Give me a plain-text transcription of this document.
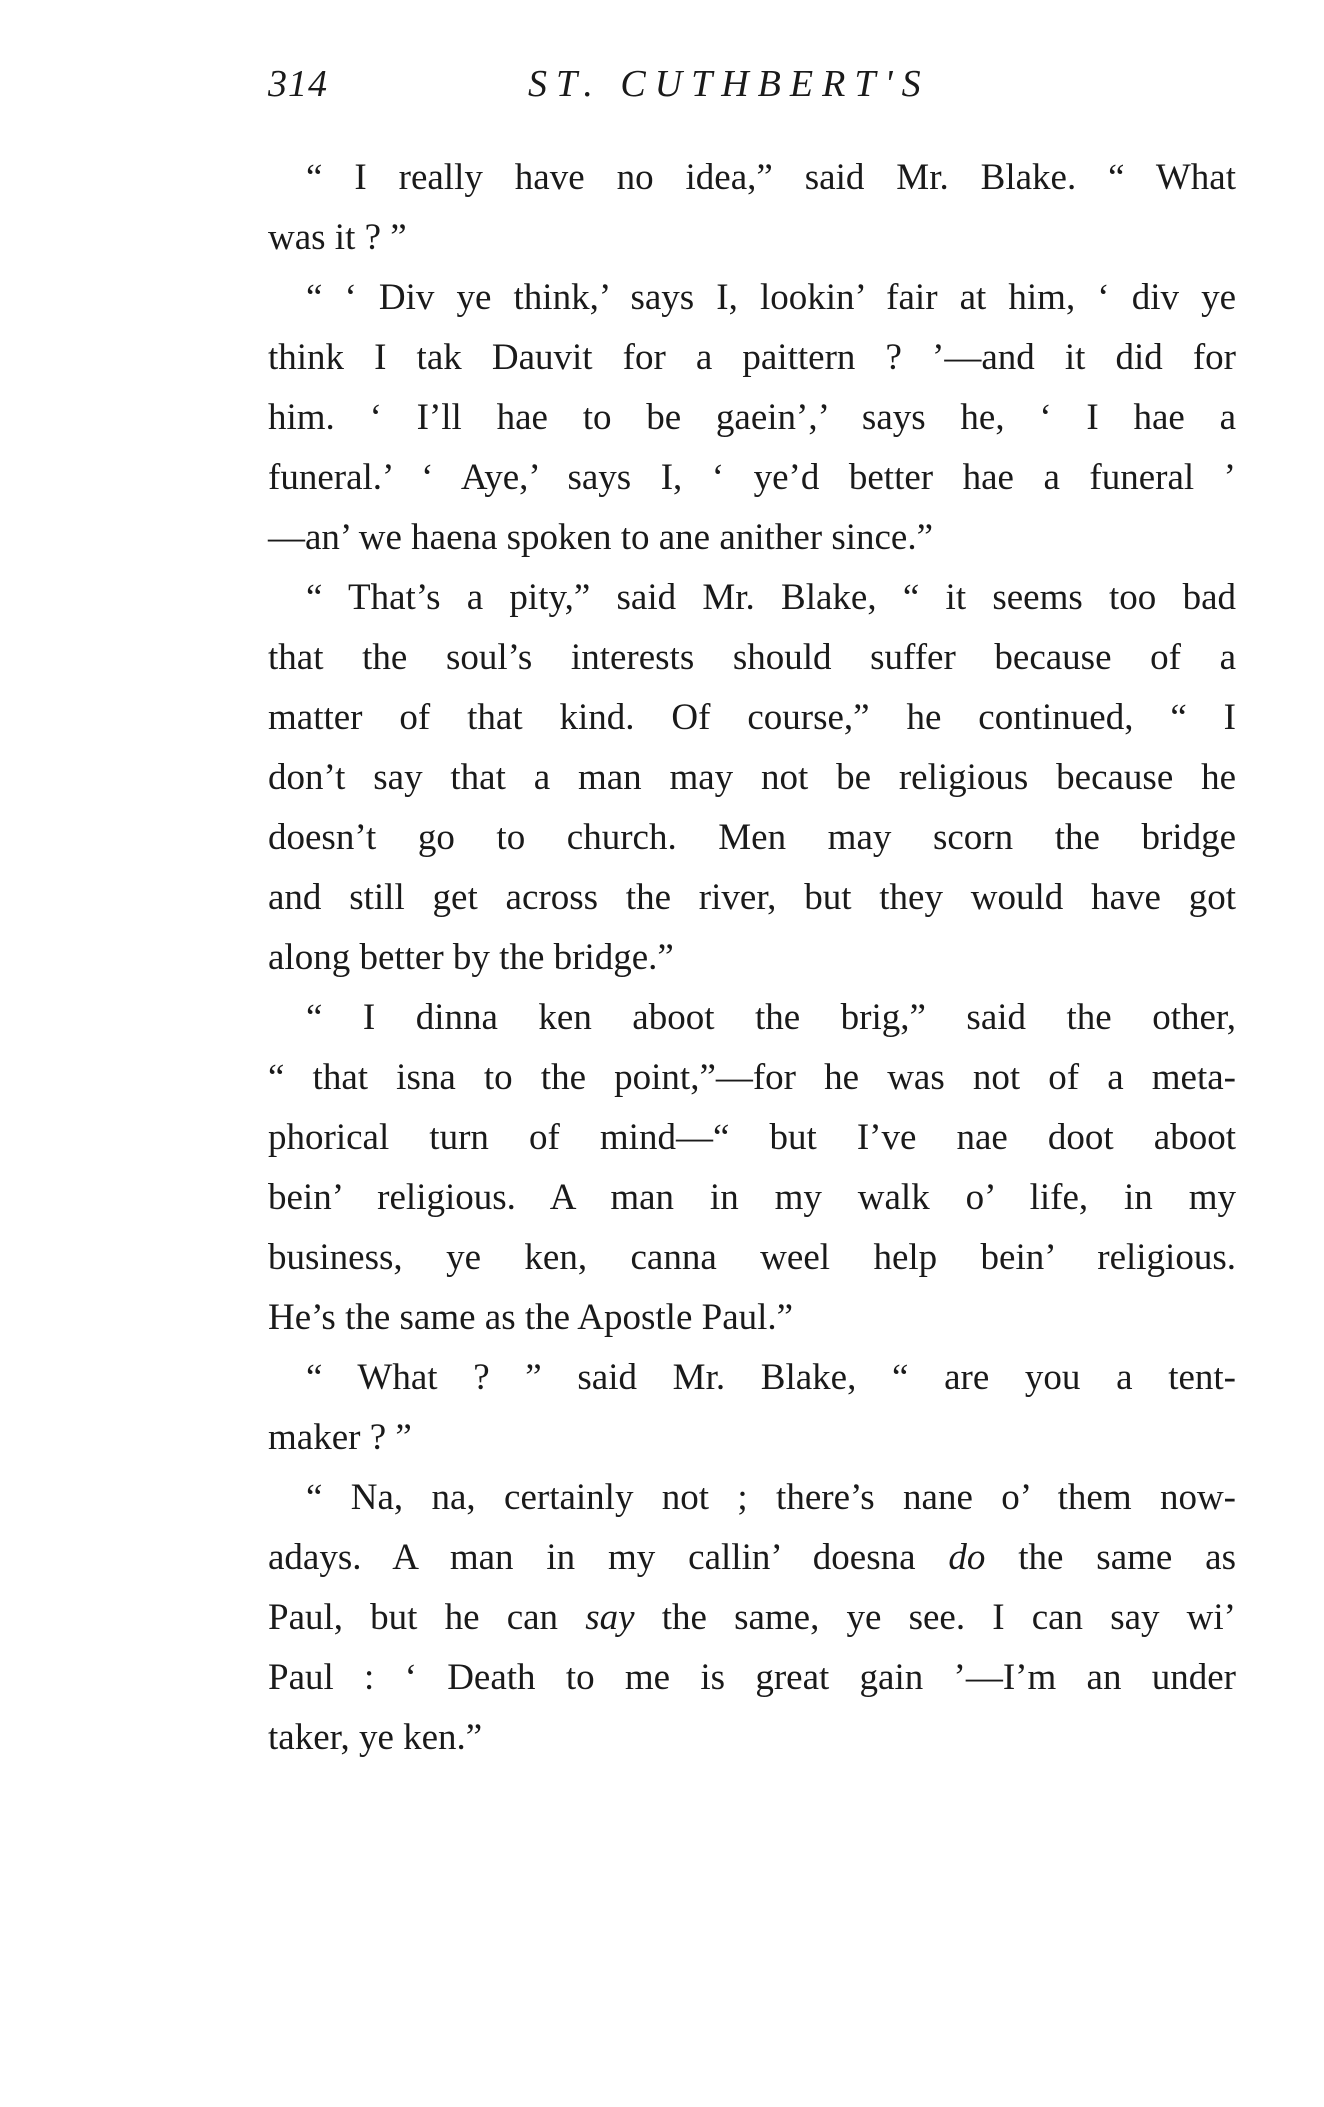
314	ST. CUTHBERT'S
“ I really have no idea,” said Mr. Blake. “ What
was it ? ”
“ ‘ Div ye think,’ says I, lookin’ fair at him, ‘ div ye
think I tak Dauvit for a paittern ? ’—and it did for
him. ‘ I’ll hae to be gaein’,’ says he, ‘ I hae a
funeral.’ ‘ Aye,’ says I, ‘ ye’d better hae a funeral ’
—an’ we haena spoken to ane anither since.”
“ That’s a pity,” said Mr. Blake, “ it seems too bad
that the soul’s interests should suffer because of a
matter of that kind. Of course,” he continued, “ I
don’t say that a man may not be religious because he
doesn’t go to church. Men may scorn the bridge
and still get across the river, but they would have got
along better by the bridge.”
“ I dinna ken aboot the brig,” said the other,
“ that isna to the point,”—for he was not of a meta-
phorical turn of mind—“ but I’ve nae doot aboot
bein’ religious. A man in my walk o’ life, in my
business, ye ken, canna weel help bein’ religious.
He’s the same as the Apostle Paul.”
“ What ? ” said Mr. Blake, “ are you a tent-
maker ? ”
“ Na, na, certainly not ; there’s nane o’ them now-
adays. A man in my callin’ doesna do the same as
Paul, but he can say the same, ye see. I can say wi’
Paul : ‘ Death to me is great gain ’—I’m an under
taker, ye ken.”
